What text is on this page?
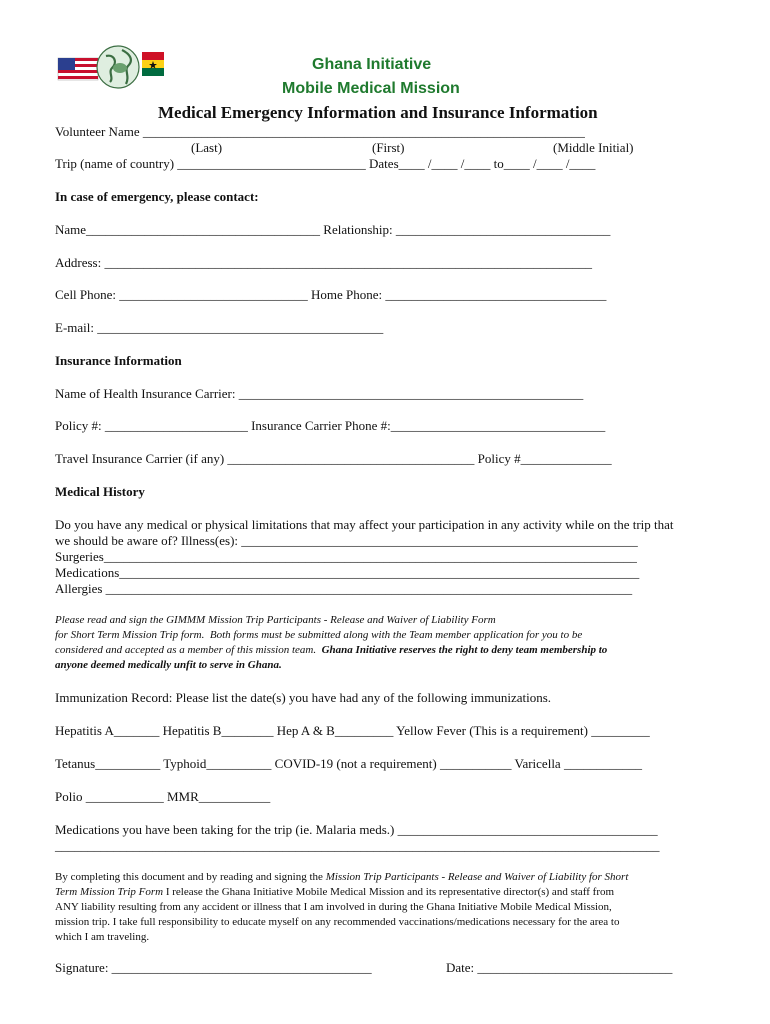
Ghana Initiative
Mobile Medical Mission
Medical Emergency Information and Insurance Information
Volunteer Name ____________________________________________________________________
(Last)	(First)	(Middle Initial)
Trip (name of country) _____________________________ Dates____ /____ /____ to____ /____ /____
In case of emergency, please contact:
Name____________________________________ Relationship: _________________________________
Address: ___________________________________________________________________________
Cell Phone: _____________________________ Home Phone: __________________________________
E-mail: ____________________________________________
Insurance Information
Name of Health Insurance Carrier: _____________________________________________________
Policy #: ______________________ Insurance Carrier Phone #:_________________________________
Travel Insurance Carrier (if any) ______________________________________ Policy #______________
Medical History
Do you have any medical or physical limitations that may affect your participation in any activity while on the trip that
we should be aware of? Illness(es): _____________________________________________________________
Surgeries__________________________________________________________________________________
Medications________________________________________________________________________________
Allergies _________________________________________________________________________________
Please read and sign the GIMMM Mission Trip Participants - Release and Waiver of Liability Form
for Short Term Mission Trip form.  Both forms must be submitted along with the Team member application for you to be
considered and accepted as a member of this mission team.  Ghana Initiative reserves the right to deny team membership to
anyone deemed medically unfit to serve in Ghana.
Immunization Record: Please list the date(s) you have had any of the following immunizations.
Hepatitis A_______ Hepatitis B________ Hep A & B_________ Yellow Fever (This is a requirement) _________
Tetanus__________ Typhoid__________ COVID-19 (not a requirement) ___________ Varicella ____________
Polio ____________ MMR___________
Medications you have been taking for the trip (ie. Malaria meds.) ________________________________________
_____________________________________________________________________________________________
By completing this document and by reading and signing the Mission Trip Participants - Release and Waiver of Liability for Short
Term Mission Trip Form I release the Ghana Initiative Mobile Medical Mission and its representative director(s) and staff from
ANY liability resulting from any accident or illness that I am involved in during the Ghana Initiative Mobile Medical Mission,
mission trip. I take full responsibility to educate myself on any recommended vaccinations/medications necessary for the area to
which I am traveling.
Signature: ________________________________________	Date: ______________________________
